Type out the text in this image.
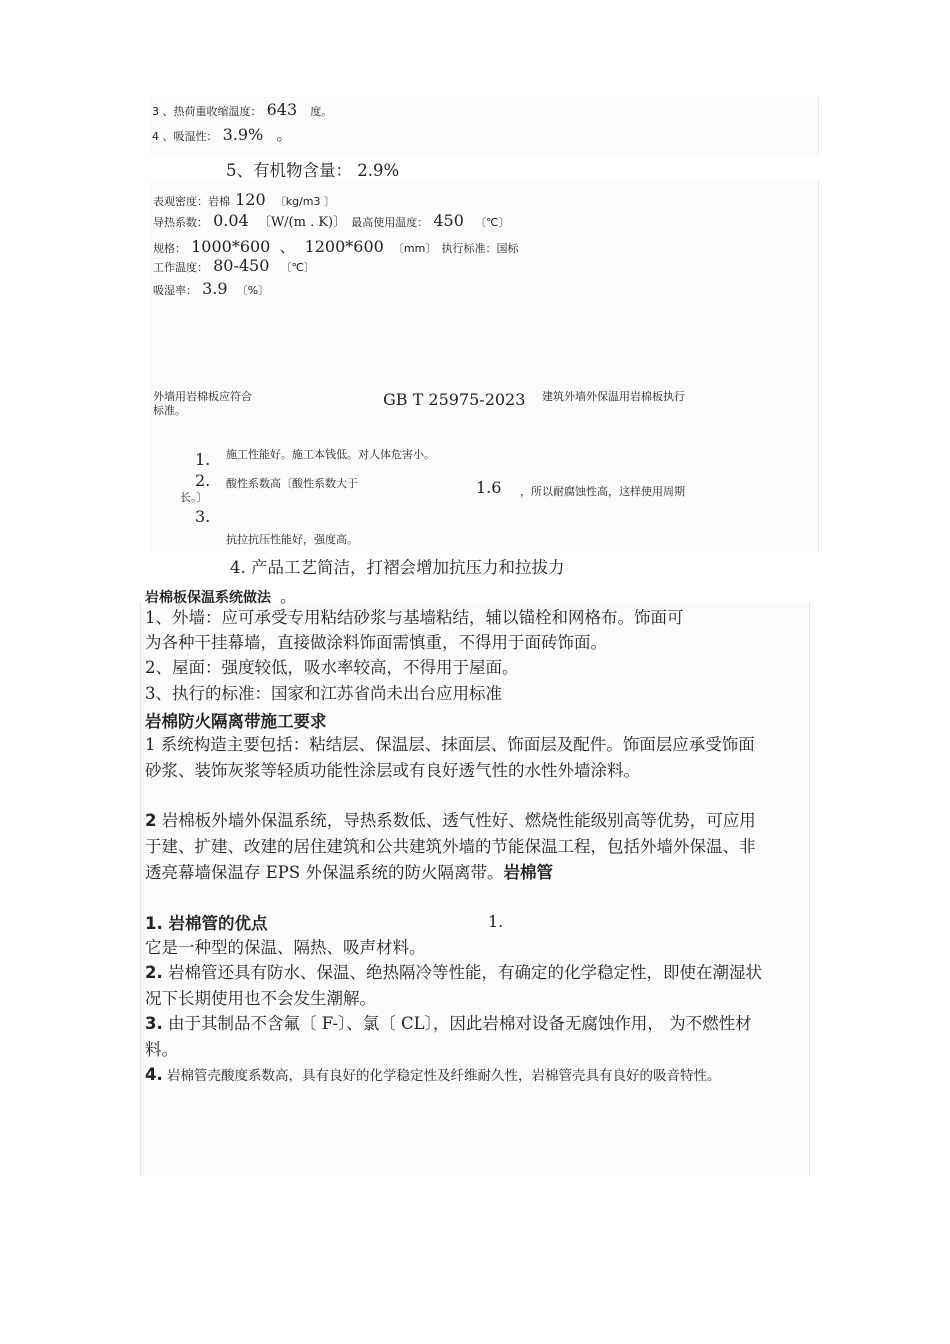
3 、热荷重收缩温度： 643 度。
4 、吸湿性： 3.9% 。
5、有机物含量： 2.9%
表观密度：岩棉 120 〔kg/m3 〕
导热系数： 0.04 〔W/(m . K)〕 最高使用温度： 450 〔℃〕
规格： 1000*600 、 1200*600 〔mm〕 执行标准：国标
工作温度： 80-450 〔℃〕
吸湿率： 3.9 〔%〕
外墙用岩棉板应符合
标准。
GB T 25975-2023 建筑外墙外保温用岩棉板执行
1. 施工性能好。施工本钱低。对人体危害小。
2. 酸性系数高〔酸性系数大于
长。〕
1.6 ，所以耐腐蚀性高，这样使用周期
3.
抗拉抗压性能好，强度高。
4. 产品工艺简洁，打褶会增加抗压力和拉拔力
岩棉板保温系统做法 。
1、外墙：应可承受专用粘结砂浆与基墙粘结，辅以锚栓和网格布。饰面可
为各种干挂幕墙，直接做涂料饰面需慎重，不得用于面砖饰面。
2、屋面：强度较低，吸水率较高，不得用于屋面。
3、执行的标准：国家和江苏省尚未出台应用标准
岩棉防火隔离带施工要求
1 系统构造主要包括：粘结层、保温层、抹面层、饰面层及配件。饰面层应承受饰面砂浆、装饰灰浆等轻质功能性涂层或有良好透气性的水性外墙涂料。
2 岩棉板外墙外保温系统，导热系数低、透气性好、燃烧性能级别高等优势，可应用于建、扩建、改建的居住建筑和公共建筑外墙的节能保温工程，包括外墙外保温、非透亮幕墙保温存 EPS 外保温系统的防火隔离带。岩棉管
1. 岩棉管的优点	1.
它是一种型的保温、隔热、吸声材料。
2. 岩棉管还具有防水、保温、绝热隔冷等性能，有确定的化学稳定性，即使在潮湿状况下长期使用也不会发生潮解。
3. 由于其制品不含氟〔 F-〕、氯〔 CL〕，因此岩棉对设备无腐蚀作用， 为不燃性材料。
4. 岩棉管壳酸度系数高，具有良好的化学稳定性及纤维耐久性，岩棉管壳具有良好的吸音特性。
